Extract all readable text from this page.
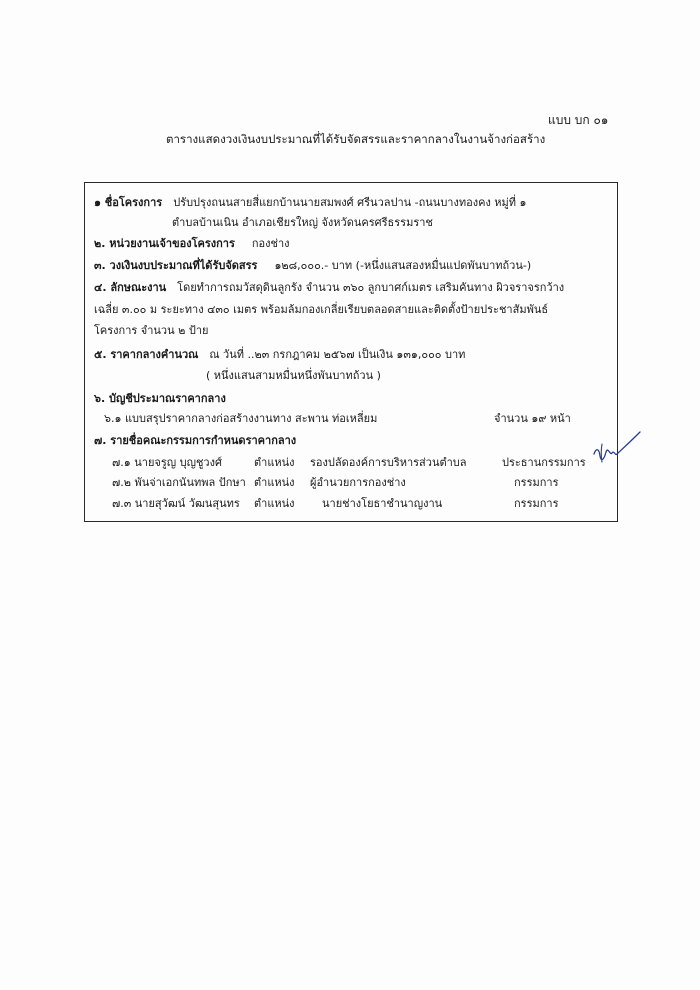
แบบ บก ๐๑
ตารางแสดงวงเงินงบประมาณที่ได้รับจัดสรรและราคากลางในงานจ้างก่อสร้าง
๑ ชื่อโครงการ ปรับปรุงถนนสายสี่แยกบ้านนายสมพงศ์ ศรีนวลปาน -ถนนบางทองคง หมู่ที่ ๑
ตำบลบ้านเนิน อำเภอเชียรใหญ่ จังหวัดนครศรีธรรมราช
๒. หน่วยงานเจ้าของโครงการ กองช่าง
๓. วงเงินงบประมาณที่ได้รับจัดสรร ๑๒๘,๐๐๐.- บาท (-หนึ่งแสนสองหมื่นแปดพันบาทถ้วน-)
๔. ลักษณะงาน โดยทำการถมวัสดุดินลูกรัง จำนวน ๓๖๐ ลูกบาศก์เมตร เสริมคันทาง ผิวจราจรกว้าง
เฉลี่ย ๓.๐๐ ม ระยะทาง ๔๓๐ เมตร พร้อมล้มกองเกลี่ยเรียบตลอดสายและติดตั้งป้ายประชาสัมพันธ์
โครงการ จำนวน ๒ ป้าย
๕. ราคากลางคำนวณ ณ วันที่ ..๒๓ กรกฎาคม ๒๕๖๗ เป็นเงิน ๑๓๑,๐๐๐ บาท
( หนึ่งแสนสามหมื่นหนึ่งพันบาทถ้วน )
๖. บัญชีประมาณราคากลาง
๖.๑ แบบสรุปราคากลางก่อสร้างงานทาง สะพาน ท่อเหลี่ยม	จำนวน ๑๙ หน้า
๗. รายชื่อคณะกรรมการกำหนดราคากลาง
๗.๑ นายจรูญ บุญชูวงศ์	ตำแหน่ง รองปลัดองค์การบริหารส่วนตำบล	ประธานกรรมการ
๗.๒ พันจ่าเอกนันทพล ปักษา ตำแหน่ง ผู้อำนวยการกองช่าง	กรรมการ
๗.๓ นายสุวัฒน์ วัฒนสุนทร ตำแหน่ง นายช่างโยธาชำนาญงาน	กรรมการ
